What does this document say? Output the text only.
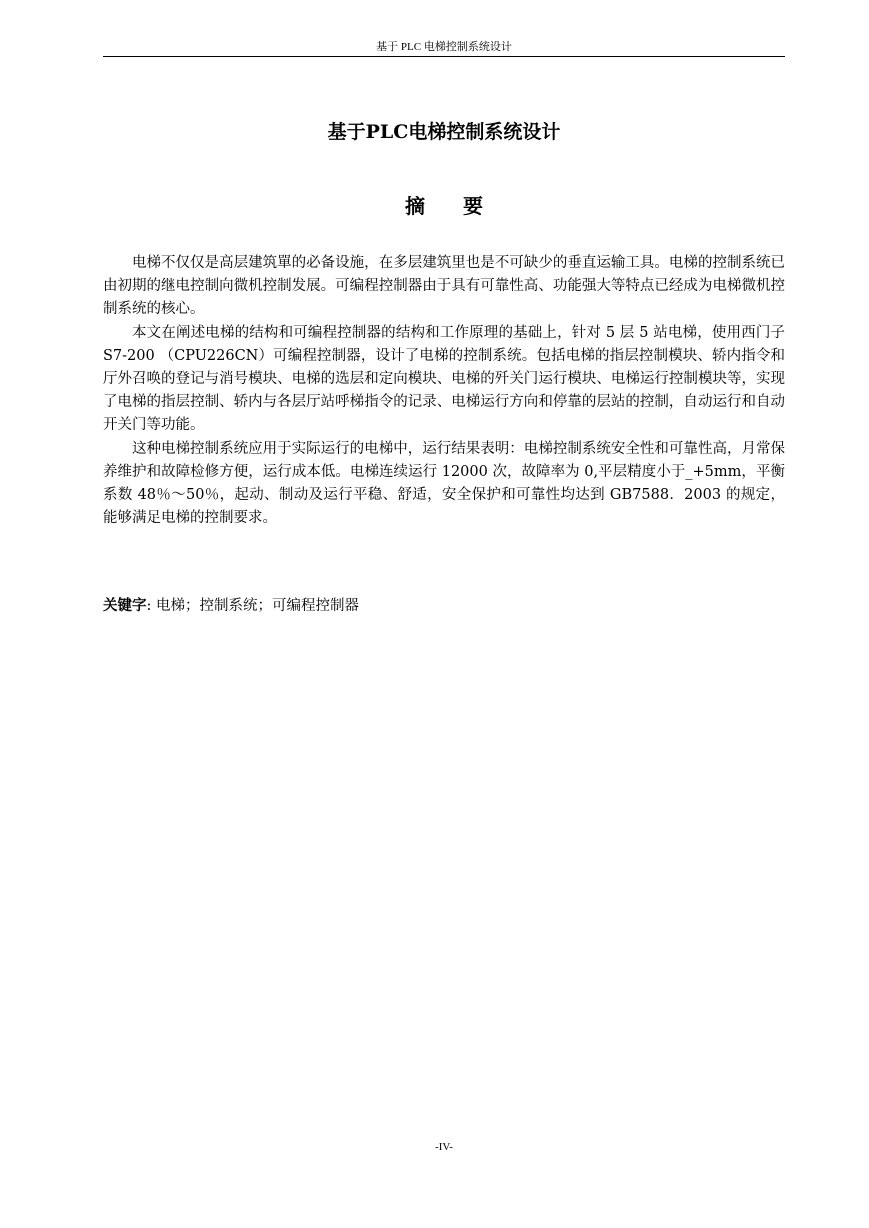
基于 PLC 电梯控制系统设计
基于PLC电梯控制系统设计
摘 要

电梯不仅仅是高层建筑單的必备设施，在多层建筑里也是不可缺少的垂直运输工具。电梯的控制系统已由初期的继电控制向微机控制发展。可编程控制器由于具有可靠性高、功能强大等特点已经成为电梯微机控制系统的核心。

本文在阐述电梯的结构和可编程控制器的结构和工作原理的基础上，针对 5 层 5 站电梯，使用西门子 S7-200 （CPU226CN）可编程控制器，设计了电梯的控制系统。包括电梯的指层控制模块、轿内指令和厅外召唤的登记与消号模块、电梯的选层和定向模块、电梯的歼关门运行模块、电梯运行控制模块等，实现了电梯的指层控制、轿内与各层厅站呼梯指令的记录、电梯运行方向和停靠的层站的控制，自动运行和自动开关门等功能。

这种电梯控制系统应用于实际运行的电梯中，运行结果表明：电梯控制系统安全性和可靠性高，月常保养维护和故障检修方便，运行成本低。电梯连续运行 12000 次，故障率为 0,平层精度小于_+5mm，平衡系数 48％～50％，起动、制动及运行平稳、舒适，安全保护和可靠性均达到 GB7588．2003 的规定，能够满足电梯的控制要求。

关键字: 电梯；控制系统；可编程控制器
-IV-
